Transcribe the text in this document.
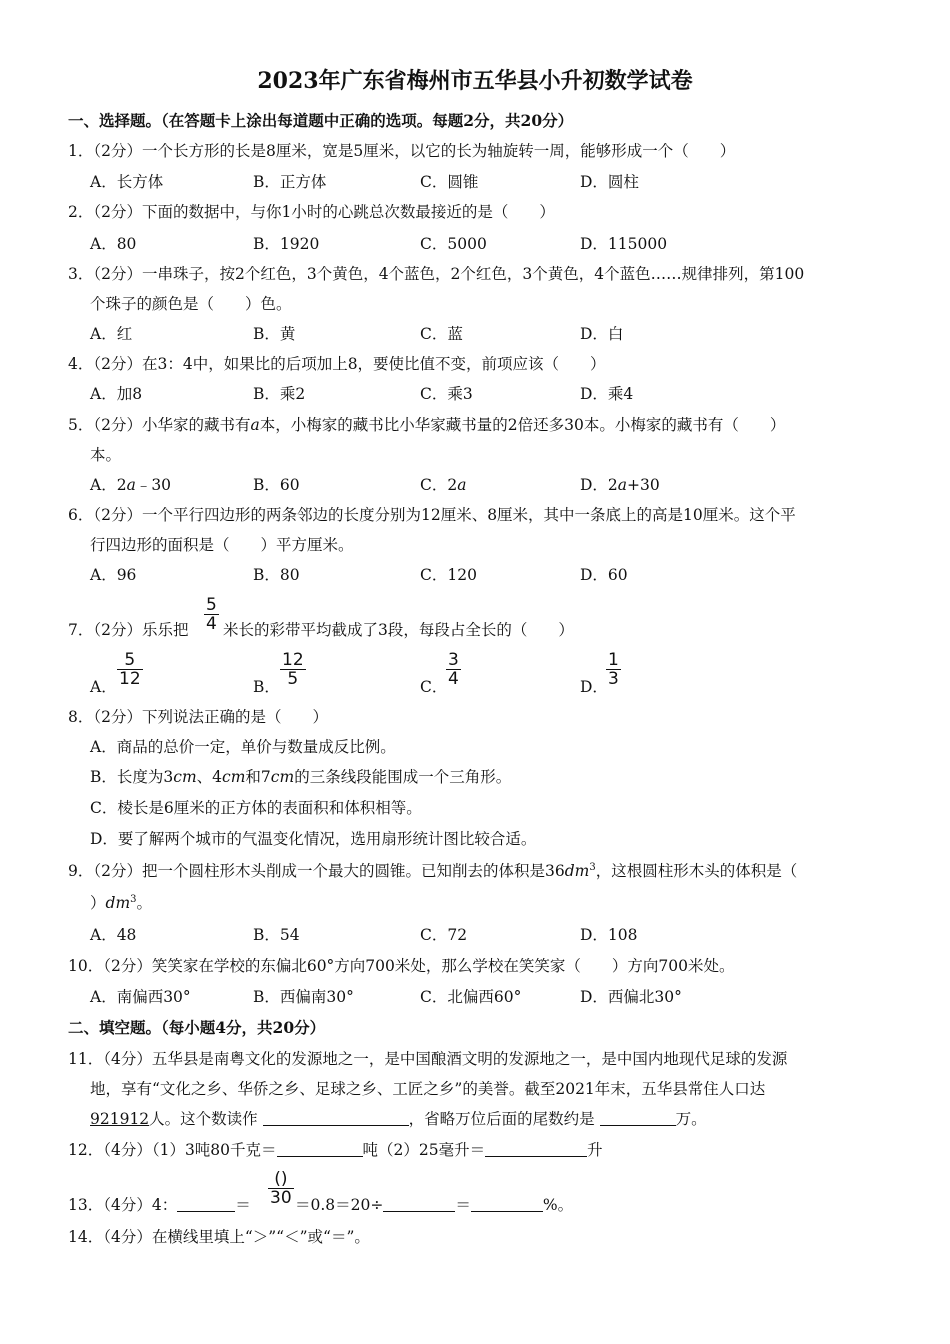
2023年广东省梅州市五华县小升初数学试卷
一、选择题。（在答题卡上涂出每道题中正确的选项。每题2分，共20分）
1．（2分）一个长方形的长是8厘米，宽是5厘米，以它的长为轴旋转一周，能够形成一个（　　）
A．长方体	B．正方体	C．圆锥	D．圆柱
2．（2分）下面的数据中，与你1小时的心跳总次数最接近的是（　　）
A．80	B．1920	C．5000	D．115000
3．（2分）一串珠子，按2个红色，3个黄色，4个蓝色，2个红色，3个黄色，4个蓝色……规律排列，第100
个珠子的颜色是（　　）色。
A．红	B．黄	C．蓝	D．白
4．（2分）在3：4中，如果比的后项加上8，要使比值不变，前项应该（　　）
A．加8	B．乘2	C．乘3	D．乘4
5．（2分）小华家的藏书有a本，小梅家的藏书比小华家藏书量的2倍还多30本。小梅家的藏书有（　　）
本。
A．2a﹣30	B．60	C．2a	D．2a+30
6．（2分）一个平行四边形的两条邻边的长度分别为12厘米、8厘米，其中一条底上的高是10厘米。这个平
行四边形的面积是（　　）平方厘米。
A．96	B．80	C．120	D．60
7．（2分）乐乐把 $\frac{5}{4}$ 米长的彩带平均截成了3段，每段占全长的（　　）
A． $\frac{5}{12}$	B． $\frac{12}{5}$	C．
$\frac{3}{4}$	D．
$\frac{1}{3}$
8．（2分）下列说法正确的是（　　）
A．商品的总价一定，单价与数量成反比例。
B．长度为3cm、4cm和7cm的三条线段能围成一个三角形。
C．棱长是6厘米的正方体的表面积和体积相等。
D．要了解两个城市的气温变化情况，选用扇形统计图比较合适。
9．（2分）把一个圆柱形木头削成一个最大的圆锥。已知削去的体积是$36dm^3$，这根圆柱形木头的体积是（
）$dm^3$。
A．48	B．54	C．72	D．108
10．（2分）笑笑家在学校的东偏北60°方向700米处，那么学校在笑笑家（　　）方向700米处。
A．南偏西30°	B．西偏南30°	C．北偏西60°	D．西偏北30°
二、填空题。（每小题4分，共20分）
11．（4分）五华县是南粤文化的发源地之一，是中国酿酒文明的发源地之一，是中国内地现代足球的发源
地，享有“文化之乡、华侨之乡、足球之乡、工匠之乡”的美誉。截至2021年末，五华县常住人口达
921912人。这个数读作	，省略万位后面的尾数约是	万。
12．（4分）（1）3吨80千克＝	吨（2）25毫升＝	升
13．（4分）4：	＝
()
30 ＝0.8＝20÷	＝	%。
14．（4分）在横线里填上“＞”“＜”或“＝”。
